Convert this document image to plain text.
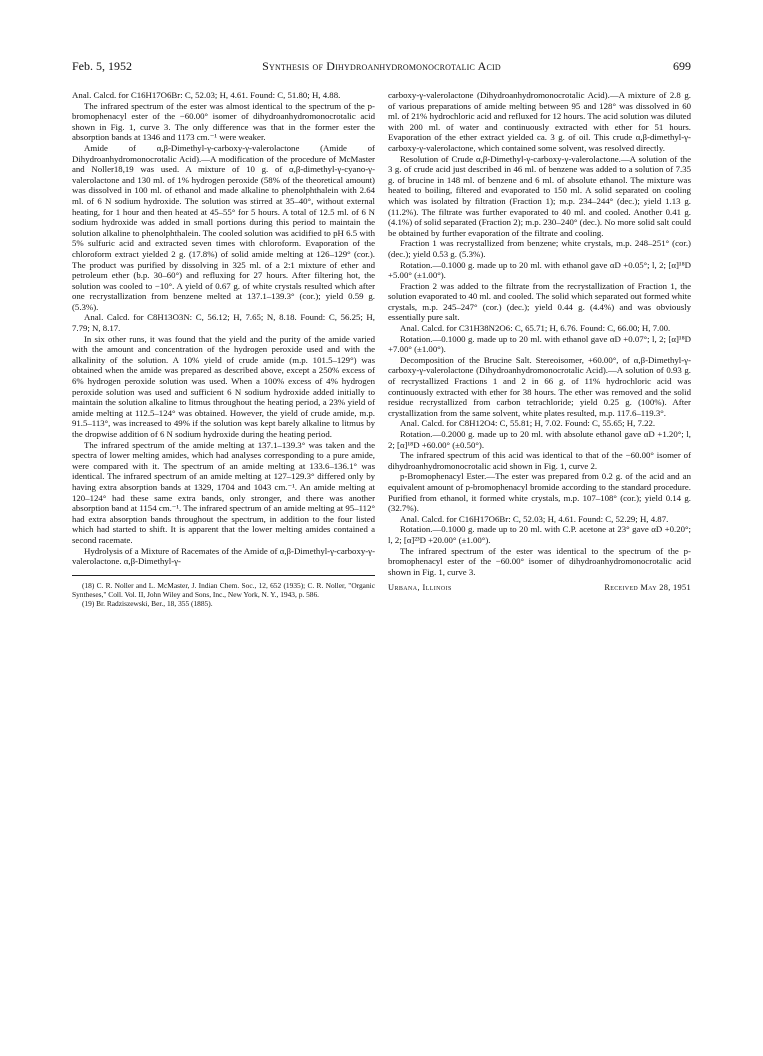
Feb. 5, 1952	Synthesis of Dihydroanhydromonocrotalic Acid	699

Anal. Calcd. for C16H17O6Br: C, 52.03; H, 4.61. Found: C, 51.80; H, 4.88.

The infrared spectrum of the ester was almost identical to the spectrum of the p-bromophenacyl ester of the −60.00° isomer of dihydroanhydromonocrotalic acid shown in Fig. 1, curve 3. The only difference was that in the former ester the absorption bands at 1346 and 1173 cm.⁻¹ were weaker.

Amide of α,β-Dimethyl-γ-carboxy-γ-valerolactone (Amide of Dihydroanhydromonocrotalic Acid).—A modification of the procedure of McMaster and Noller18,19 was used. A mixture of 10 g. of α,β-dimethyl-γ-cyano-γ-valerolactone and 130 ml. of 1% hydrogen peroxide (58% of the theoretical amount) was dissolved in 100 ml. of ethanol and made alkaline to phenolphthalein with 2.64 ml. of 6 N sodium hydroxide. The solution was stirred at 35–40°, without external heating, for 1 hour and then heated at 45–55° for 5 hours. A total of 12.5 ml. of 6 N sodium hydroxide was added in small portions during this period to maintain the solution alkaline to phenolphthalein. The cooled solution was acidified to pH 6.5 with 5% sulfuric acid and extracted seven times with chloroform. Evaporation of the chloroform extract yielded 2 g. (17.8%) of solid amide melting at 126–129° (cor.). The product was purified by dissolving in 325 ml. of a 2:1 mixture of ether and petroleum ether (b.p. 30–60°) and refluxing for 27 hours. After filtering hot, the solution was cooled to −10°. A yield of 0.67 g. of white crystals resulted which after one recrystallization from benzene melted at 137.1–139.3° (cor.); yield 0.59 g. (5.3%).

Anal. Calcd. for C8H13O3N: C, 56.12; H, 7.65; N, 8.18. Found: C, 56.25; H, 7.79; N, 8.17.

In six other runs, it was found that the yield and the purity of the amide varied with the amount and concentration of the hydrogen peroxide used and with the alkalinity of the solution. A 10% yield of crude amide (m.p. 101.5–129°) was obtained when the amide was prepared as described above, except a 250% excess of 6% hydrogen peroxide solution was used. When a 100% excess of 4% hydrogen peroxide solution was used and sufficient 6 N sodium hydroxide added initially to maintain the solution alkaline to litmus throughout the heating period, a 23% yield of amide melting at 112.5–124° was obtained. However, the yield of crude amide, m.p. 91.5–113°, was increased to 49% if the solution was kept barely alkaline to litmus by the dropwise addition of 6 N sodium hydroxide during the heating period.

The infrared spectrum of the amide melting at 137.1–139.3° was taken and the spectra of lower melting amides, which had analyses corresponding to a pure amide, were compared with it. The spectrum of an amide melting at 133.6–136.1° was identical. The infrared spectrum of an amide melting at 127–129.3° differed only by having extra absorption bands at 1329, 1704 and 1043 cm.⁻¹. An amide melting at 120–124° had these same extra bands, only stronger, and there was another absorption band at 1154 cm.⁻¹. The infrared spectrum of an amide melting at 95–112° had extra absorption bands throughout the spectrum, in addition to the four listed which had started to shift. It is apparent that the lower melting amides contained a second racemate.

Hydrolysis of a Mixture of Racemates of the Amide of α,β-Dimethyl-γ-carboxy-γ-valerolactone. α,β-Dimethyl-γ-

(18) C. R. Noller and L. McMaster, J. Indian Chem. Soc., 12, 652 (1935); C. R. Noller, "Organic Syntheses," Coll. Vol. II, John Wiley and Sons, Inc., New York, N. Y., 1943, p. 586.

(19) Br. Radziszewski, Ber., 18, 355 (1885).

carboxy-γ-valerolactone (Dihydroanhydromonocrotalic Acid).—A mixture of 2.8 g. of various preparations of amide melting between 95 and 128° was dissolved in 60 ml. of 21% hydrochloric acid and refluxed for 12 hours. The acid solution was diluted with 200 ml. of water and continuously extracted with ether for 51 hours. Evaporation of the ether extract yielded ca. 3 g. of oil. This crude α,β-dimethyl-γ-carboxy-γ-valerolactone, which contained some solvent, was resolved directly.

Resolution of Crude α,β-Dimethyl-γ-carboxy-γ-valerolactone.—A solution of the 3 g. of crude acid just described in 46 ml. of benzene was added to a solution of 7.35 g. of brucine in 148 ml. of benzene and 6 ml. of absolute ethanol. The mixture was heated to boiling, filtered and evaporated to 150 ml. A solid separated on cooling which was isolated by filtration (Fraction 1); m.p. 234–244° (dec.); yield 1.13 g. (11.2%). The filtrate was further evaporated to 40 ml. and cooled. Another 0.41 g. (4.1%) of solid separated (Fraction 2); m.p. 230–240° (dec.). No more solid salt could be obtained by further evaporation of the filtrate and cooling.

Fraction 1 was recrystallized from benzene; white crystals, m.p. 248–251° (cor.) (dec.); yield 0.53 g. (5.3%).

Rotation.—0.1000 g. made up to 20 ml. with ethanol gave αD +0.05°; l, 2; [α]¹⁸D +5.00° (±1.00°).

Fraction 2 was added to the filtrate from the recrystallization of Fraction 1, the solution evaporated to 40 ml. and cooled. The solid which separated out formed white crystals, m.p. 245–247° (cor.) (dec.); yield 0.44 g. (4.4%) and was obviously essentially pure salt.

Anal. Calcd. for C31H38N2O6: C, 65.71; H, 6.76. Found: C, 66.00; H, 7.00.

Rotation.—0.1000 g. made up to 20 ml. with ethanol gave αD +0.07°; l, 2; [α]¹⁸D +7.00° (±1.00°).

Decomposition of the Brucine Salt. Stereoisomer, +60.00°, of α,β-Dimethyl-γ-carboxy-γ-valerolactone (Dihydroanhydromonocrotalic Acid).—A solution of 0.93 g. of recrystallized Fractions 1 and 2 in 66 g. of 11% hydrochloric acid was continuously extracted with ether for 38 hours. The ether was removed and the solid residue recrystallized from carbon tetrachloride; yield 0.25 g. (100%). After crystallization from the same solvent, white plates resulted, m.p. 117.6–119.3°.

Anal. Calcd. for C8H12O4: C, 55.81; H, 7.02. Found: C, 55.65; H, 7.22.

Rotation.—0.2000 g. made up to 20 ml. with absolute ethanol gave αD +1.20°; l, 2; [α]¹⁸D +60.00° (±0.50°).

The infrared spectrum of this acid was identical to that of the −60.00° isomer of dihydroanhydromonocrotalic acid shown in Fig. 1, curve 2.

p-Bromophenacyl Ester.—The ester was prepared from 0.2 g. of the acid and an equivalent amount of p-bromophenacyl bromide according to the standard procedure. Purified from ethanol, it formed white crystals, m.p. 107–108° (cor.); yield 0.14 g. (32.7%).

Anal. Calcd. for C16H17O6Br: C, 52.03; H, 4.61. Found: C, 52.29; H, 4.87.

Rotation.—0.1000 g. made up to 20 ml. with C.P. acetone at 23° gave αD +0.20°; l, 2; [α]²³D +20.00° (±1.00°).

The infrared spectrum of the ester was identical to the spectrum of the p-bromophenacyl ester of the −60.00° isomer of dihydroanhydromonocrotalic acid shown in Fig. 1, curve 3.

Urbana, Illinois	Received May 28, 1951
